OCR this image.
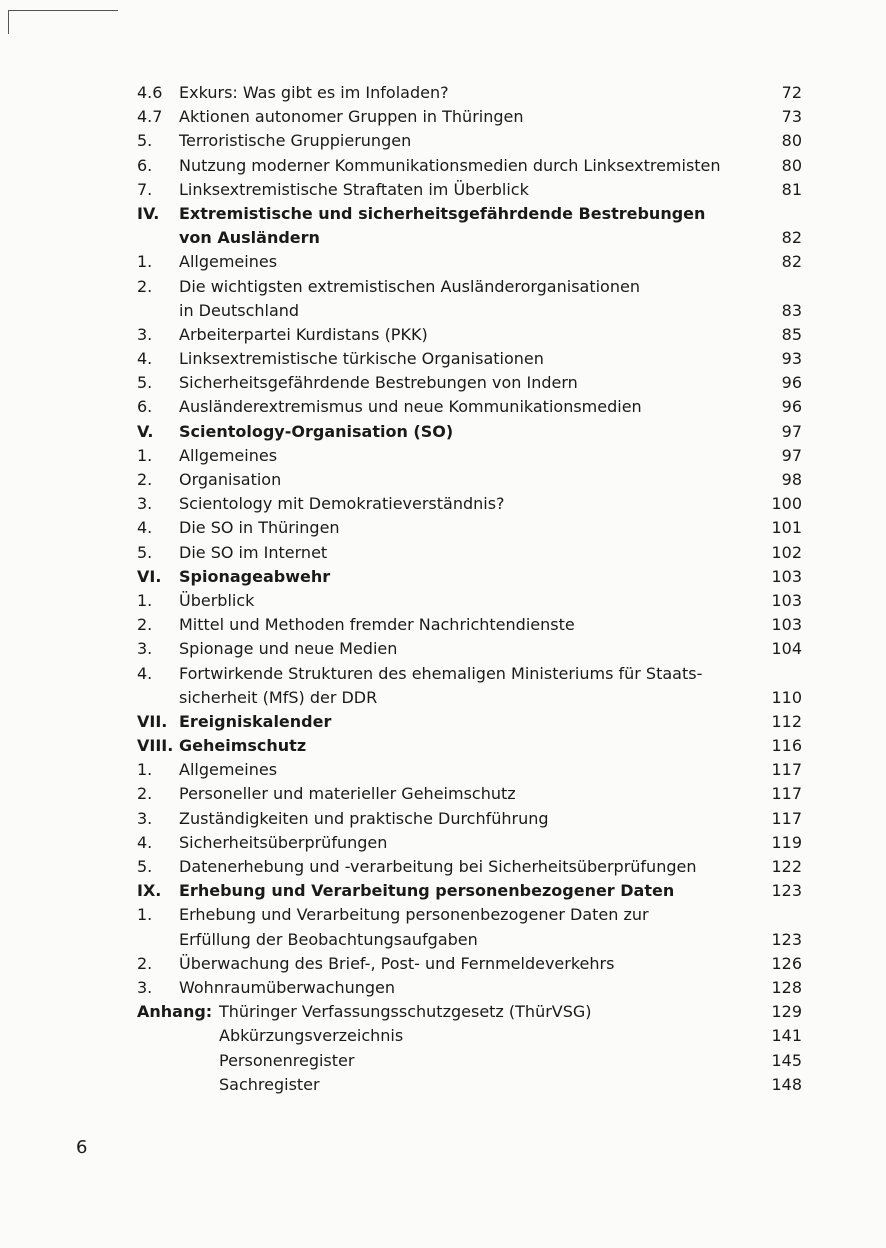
4.6	Exkurs: Was gibt es im Infoladen?	72
4.7	Aktionen autonomer Gruppen in Thüringen	73
5.	Terroristische Gruppierungen	80
6.	Nutzung moderner Kommunikationsmedien durch Linksextremisten	80
7.	Linksextremistische Straftaten im Überblick	81
IV.	Extremistische und sicherheitsgefährdende Bestrebungen
von Ausländern	82
1.	Allgemeines	82
2.	Die wichtigsten extremistischen Ausländerorganisationen
in Deutschland	83
3.	Arbeiterpartei Kurdistans (PKK)	85
4.	Linksextremistische türkische Organisationen	93
5.	Sicherheitsgefährdende Bestrebungen von Indern	96
6.	Ausländerextremismus und neue Kommunikationsmedien	96
V.	Scientology-Organisation (SO)	97
1.	Allgemeines	97
2.	Organisation	98
3.	Scientology mit Demokratieverständnis?	100
4.	Die SO in Thüringen	101
5.	Die SO im Internet	102
VI.	Spionageabwehr	103
1.	Überblick	103
2.	Mittel und Methoden fremder Nachrichtendienste	103
3.	Spionage und neue Medien	104
4.	Fortwirkende Strukturen des ehemaligen Ministeriums für Staats-
sicherheit (MfS) der DDR	110
VII. Ereigniskalender	112
VIII. Geheimschutz	116
1.	Allgemeines	117
2.	Personeller und materieller Geheimschutz	117
3.	Zuständigkeiten und praktische Durchführung	117
4.	Sicherheitsüberprüfungen	119
5.	Datenerhebung und -verarbeitung bei Sicherheitsüberprüfungen	122
IX.	Erhebung und Verarbeitung personenbezogener Daten	123
1.	Erhebung und Verarbeitung personenbezogener Daten zur
Erfüllung der Beobachtungsaufgaben	123
2.	Überwachung des Brief-, Post- und Fernmeldeverkehrs	126
3.	Wohnraumüberwachungen	128
Anhang: Thüringer Verfassungsschutzgesetz (ThürVSG)	129
Abkürzungsverzeichnis	141
Personenregister	145
Sachregister	148
6
